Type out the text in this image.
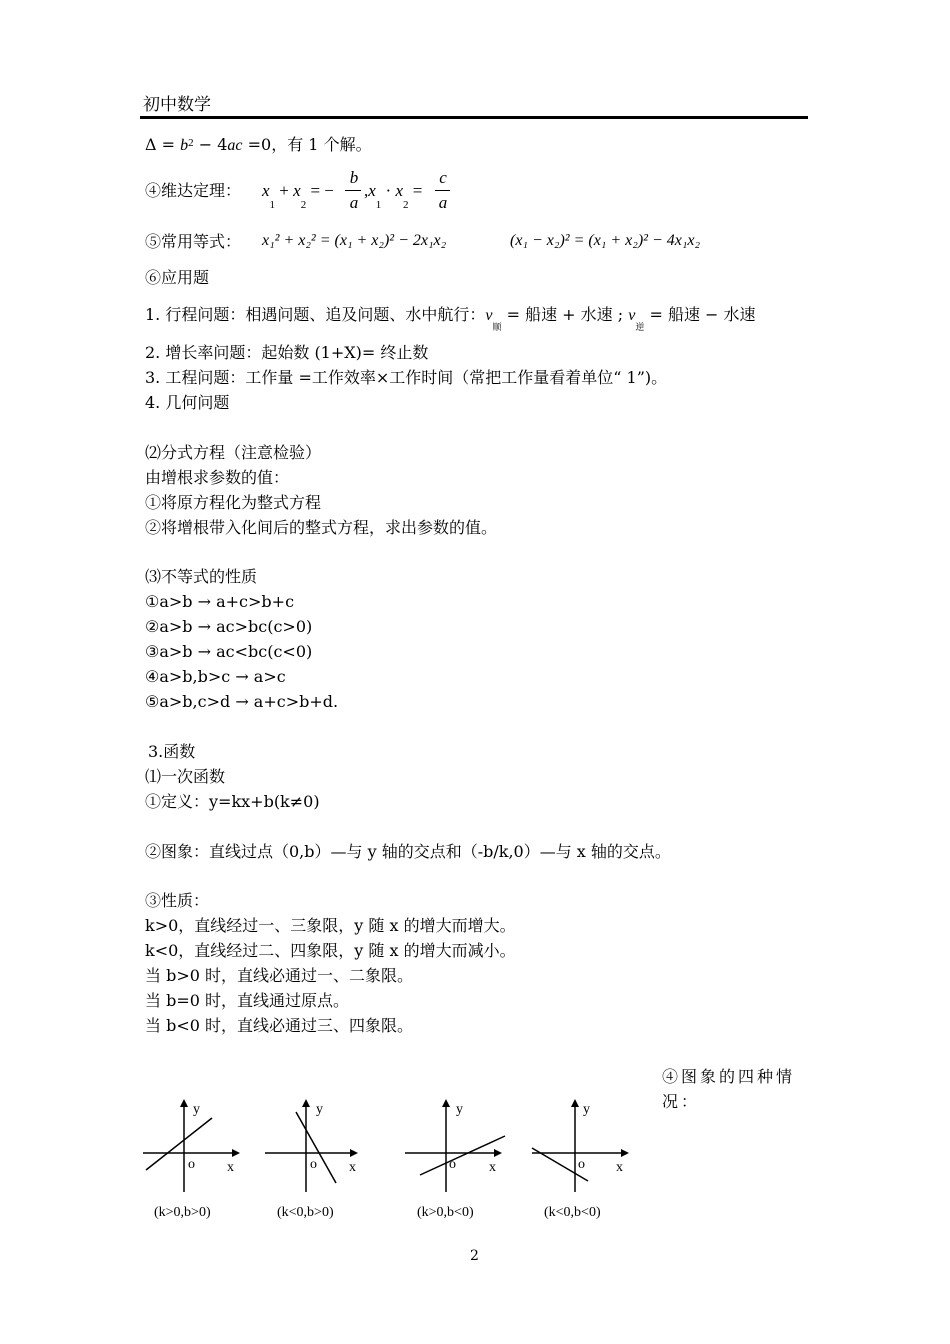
初中数学
$\Delta = b^2 - 4ac =0$，有 1 个解。
④维达定理： $x_1 + x_2$ = −
b
a
$,x_1 \cdot x_2$ =
c
a
⑤常用等式： x₁² + x₂² = (x₁ + x₂)² − 2x₁x₂	(x₁ − x₂)² = (x₁ + x₂)² − 4x₁x₂
⑥应用题
1. 行程问题：相遇问题、追及问题、水中航行：$v_顺$ = 船速 + 水速 ; $v_逆$ = 船速 − 水速
2. 增长率问题：起始数 (1+X)= 终止数
3. 工程问题：工作量 =工作效率×工作时间（常把工作量看着单位“ 1”)。
4. 几何问题
⑵分式方程（注意检验）
由增根求参数的值：
①将原方程化为整式方程
②将增根带入化间后的整式方程，求出参数的值。
⑶不等式的性质
①a>b → a+c>b+c
②a>b → ac>bc(c>0)
③a>b → ac<bc(c<0)
④a>b,b>c → a>c
⑤a>b,c>d → a+c>b+d.
3.函数
⑴一次函数
①定义：y=kx+b(k≠0)
②图象：直线过点（0,b）—与 y 轴的交点和（-b/k,0）—与 x 轴的交点。
③性质：
k>0，直线经过一、三象限，y 随 x 的增大而增大。
k<0，直线经过二、四象限，y 随 x 的增大而减小。
当 b>0 时，直线必通过一、二象限。
当 b=0 时，直线通过原点。
当 b<0 时，直线必通过三、四象限。
④图象的四种情
况：
y
o x
(k>0,b>0)
y
o x
(k<0,b>0)
y
o x
(k>0,b<0)
y
o x
(k<0,b<0)
2
